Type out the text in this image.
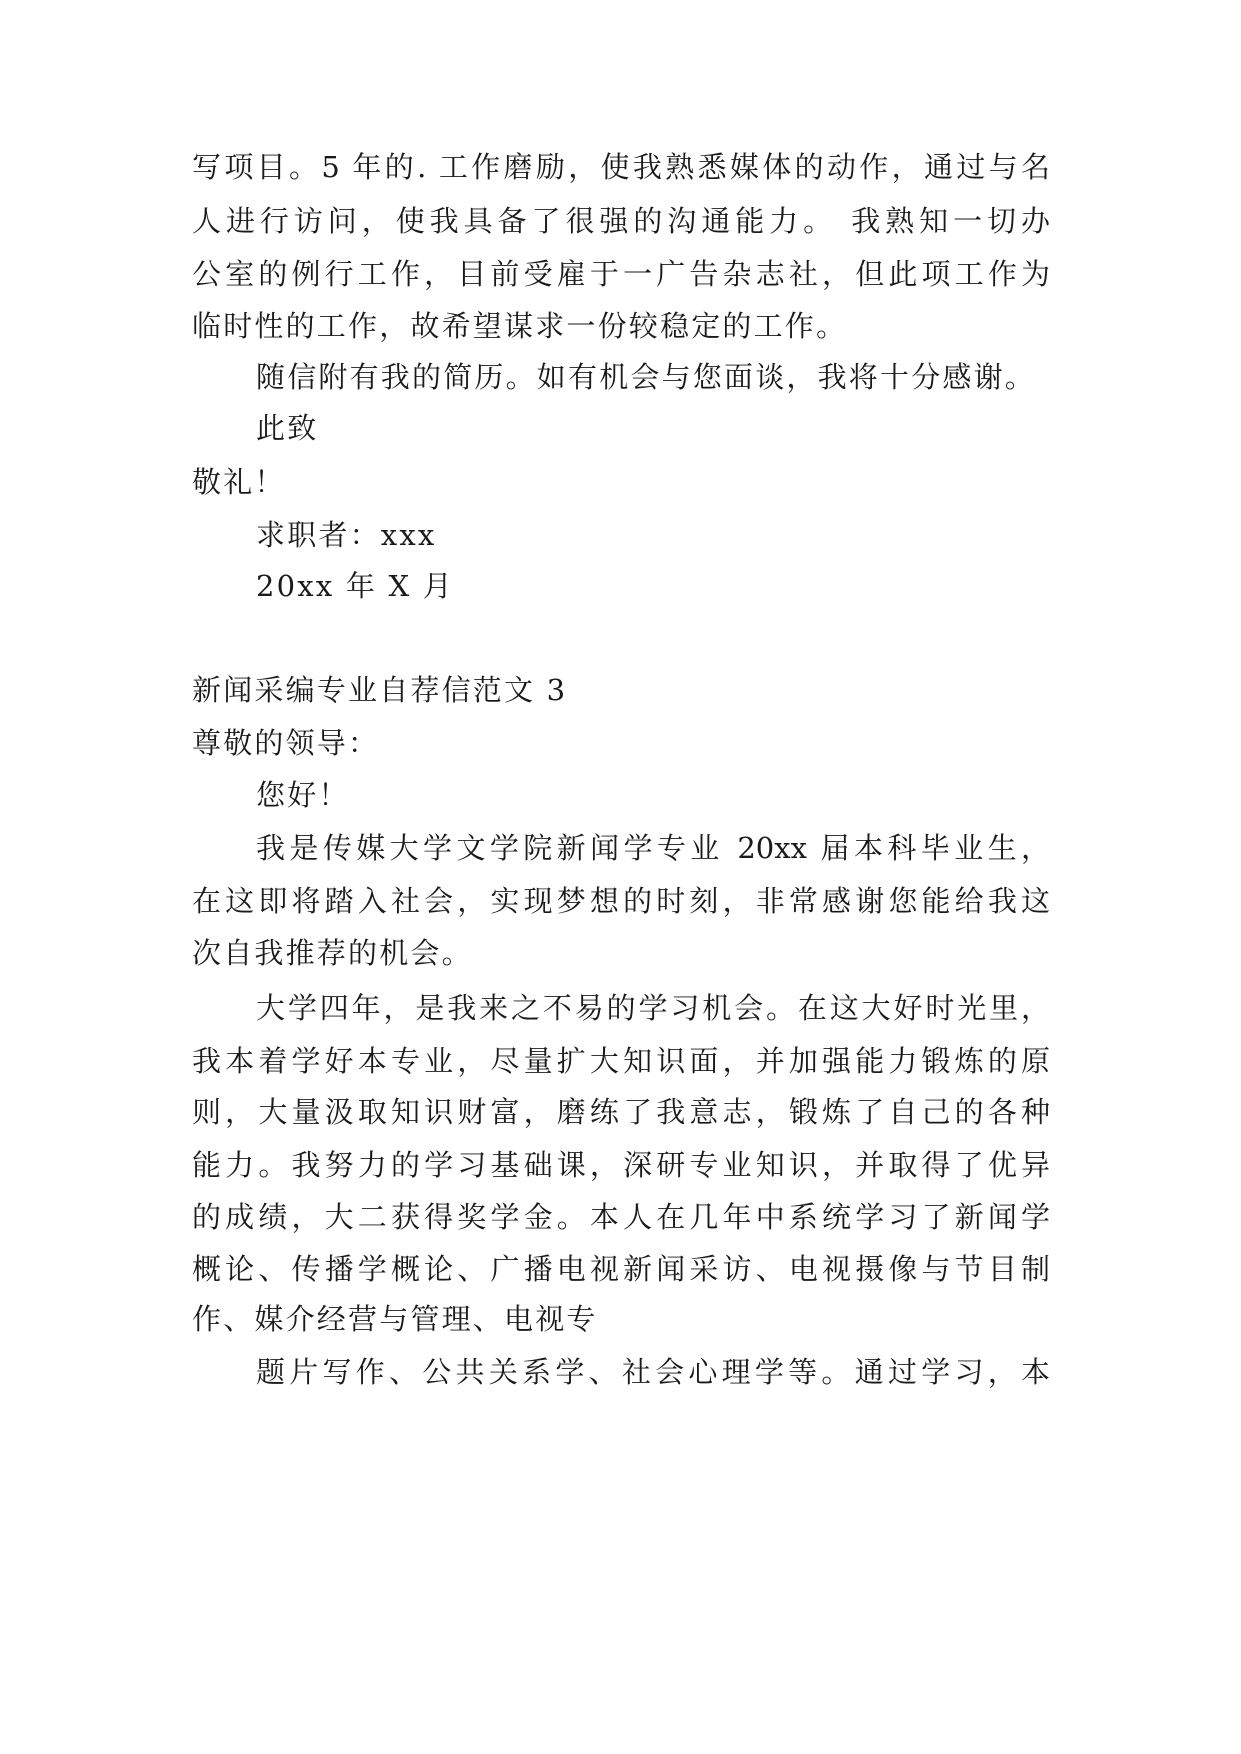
写项目。5 年的. 工作磨励，使我熟悉媒体的动作，通过与名
人进行访问，使我具备了很强的沟通能力。 我熟知一切办
公室的例行工作，目前受雇于一广告杂志社，但此项工作为
临时性的工作，故希望谋求一份较稳定的工作。
随信附有我的简历。如有机会与您面谈，我将十分感谢。
此致
敬礼！
求职者：xxx
20xx 年 X 月
新闻采编专业自荐信范文 3
尊敬的领导：
您好！
我是传媒大学文学院新闻学专业 20xx 届本科毕业生，
在这即将踏入社会，实现梦想的时刻，非常感谢您能给我这
次自我推荐的机会。
大学四年，是我来之不易的学习机会。在这大好时光里，
我本着学好本专业，尽量扩大知识面，并加强能力锻炼的原
则，大量汲取知识财富，磨练了我意志，锻炼了自己的各种
能力。我努力的学习基础课，深研专业知识，并取得了优异
的成绩，大二获得奖学金。本人在几年中系统学习了新闻学
概论、传播学概论、广播电视新闻采访、电视摄像与节目制
作、媒介经营与管理、电视专
题片写作、公共关系学、社会心理学等。通过学习，本
